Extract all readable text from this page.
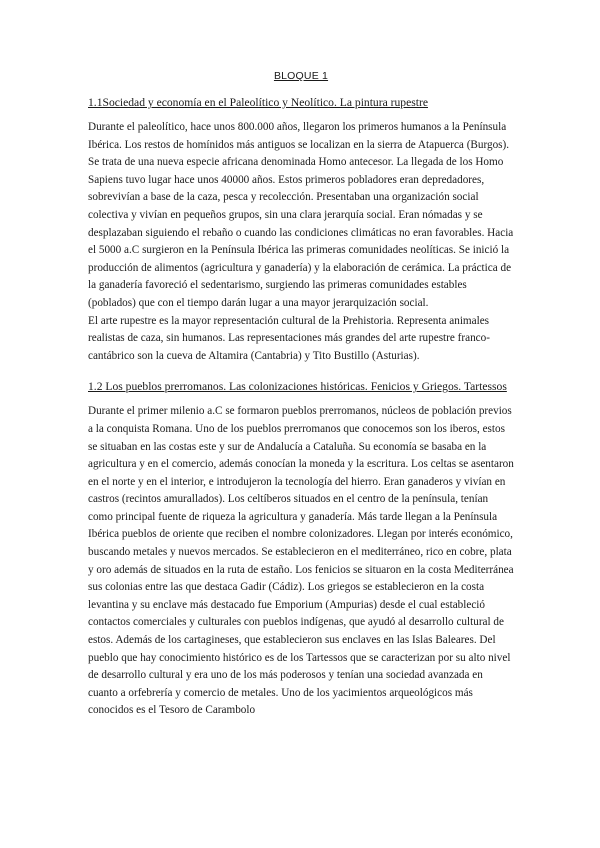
BLOQUE 1
1.1Sociedad y economía en el Paleolítico y Neolítico. La pintura rupestre

Durante el paleolítico, hace unos 800.000 años, llegaron los primeros humanos a la Península Ibérica. Los restos de homínidos más antiguos se localizan en la sierra de Atapuerca (Burgos). Se trata de una nueva especie africana denominada Homo antecesor. La llegada de los Homo Sapiens tuvo lugar hace unos 40000 años. Estos primeros pobladores eran depredadores, sobrevivían a base de la caza, pesca y recolección. Presentaban una organización social colectiva y vivían en pequeños grupos, sin una clara jerarquía social. Eran nómadas y se desplazaban siguiendo el rebaño o cuando las condiciones climáticas no eran favorables. Hacia el 5000 a.C surgieron en la Península Ibérica las primeras comunidades neolíticas. Se inició la producción de alimentos (agricultura y ganadería) y la elaboración de cerámica. La práctica de la ganadería favoreció el sedentarismo, surgiendo las primeras comunidades estables (poblados) que con el tiempo darán lugar a una mayor jerarquización social.

El arte rupestre es la mayor representación cultural de la Prehistoria. Representa animales realistas de caza, sin humanos. Las representaciones más grandes del arte rupestre franco-cantábrico son la cueva de Altamira (Cantabria) y Tito Bustillo (Asturias).

1.2 Los pueblos prerromanos. Las colonizaciones históricas. Fenicios y Griegos. Tartessos

Durante el primer milenio a.C se formaron pueblos prerromanos, núcleos de población previos a la conquista Romana. Uno de los pueblos prerromanos que conocemos son los iberos, estos se situaban en las costas este y sur de Andalucía a Cataluña. Su economía se basaba en la agricultura y en el comercio, además conocían la moneda y la escritura. Los celtas se asentaron en el norte y en el interior, e introdujeron la tecnología del hierro. Eran ganaderos y vivían en castros (recintos amurallados). Los celtíberos situados en el centro de la península, tenían como principal fuente de riqueza la agricultura y ganadería. Más tarde llegan a la Península Ibérica pueblos de oriente que reciben el nombre colonizadores. Llegan por interés económico, buscando metales y nuevos mercados. Se establecieron en el mediterráneo, rico en cobre, plata y oro además de situados en la ruta de estaño. Los fenicios se situaron en la costa Mediterránea sus colonias entre las que destaca Gadir (Cádiz). Los griegos se establecieron en la costa levantina y su enclave más destacado fue Emporium (Ampurias) desde el cual estableció contactos comerciales y culturales con pueblos indígenas, que ayudó al desarrollo cultural de estos. Además de los cartagineses, que establecieron sus enclaves en las Islas Baleares. Del pueblo que hay conocimiento histórico es de los Tartessos que se caracterizan por su alto nivel de desarrollo cultural y era uno de los más poderosos y tenían una sociedad avanzada en cuanto a orfebrería y comercio de metales. Uno de los yacimientos arqueológicos más conocidos es el Tesoro de Carambolo
